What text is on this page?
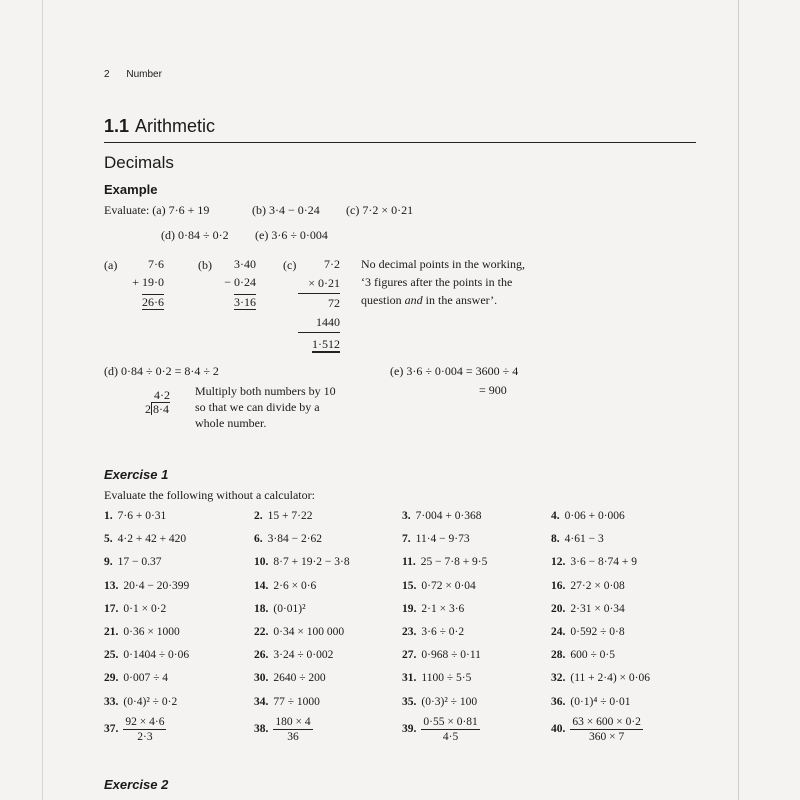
2 Number
1.1 Arithmetic
Decimals
Example
Evaluate: (a) 7·6 + 19	(b) 3·4 − 0·24 (c) 7·2 × 0·21
(d) 0·84 ÷ 0·2 (e) 3·6 ÷ 0·004
(a)	7·6
+ 19·0
26·6
(b)	3·40
− 0·24
3·16
(c)	7·2
× 0·21
72
1440
1·512
No decimal points in the working,
‘3 figures after the points in the
question and in the answer’.
(d) 0·84 ÷ 0·2 = 8·4 ÷ 2
4·2
2 8·4
Multiply both numbers by 10
so that we can divide by a
whole number.
(e) 3·6 ÷ 0·004 = 3600 ÷ 4
= 900
Exercise 1
Evaluate the following without a calculator:
1. 7·6 + 0·31	2. 15 + 7·22	3. 7·004 + 0·368	4. 0·06 + 0·006
5. 4·2 + 42 + 420	6. 3·84 − 2·62	7. 11·4 − 9·73	8. 4·61 − 3
9. 17 − 0.37	10. 8·7 + 19·2 − 3·8	11. 25 − 7·8 + 9·5	12. 3·6 − 8·74 + 9
13. 20·4 − 20·399	14. 2·6 × 0·6	15. 0·72 × 0·04	16. 27·2 × 0·08
17. 0·1 × 0·2	18. (0·01)²	19. 2·1 × 3·6	20. 2·31 × 0·34
21. 0·36 × 1000	22. 0·34 × 100 000	23. 3·6 ÷ 0·2	24. 0·592 ÷ 0·8
25. 0·1404 ÷ 0·06	26. 3·24 ÷ 0·002	27. 0·968 ÷ 0·11	28. 600 ÷ 0·5
29. 0·007 ÷ 4	30. 2640 ÷ 200	31. 1100 ÷ 5·5	32. (11 + 2·4) × 0·06
33. (0·4)² ÷ 0·2	34. 77 ÷ 1000	35. (0·3)² ÷ 100	36. (0·1)⁴ ÷ 0·01
37. $\frac{92 \times 4\cdot 6}{2\cdot 3}$	38. $\frac{180 \times 4}{36}$	39. $\frac{0\cdot 55 \times 0\cdot 81}{4\cdot 5}$	40. $\frac{63 \times 600 \times 0\cdot 2}{360 \times 7}$
Exercise 2
